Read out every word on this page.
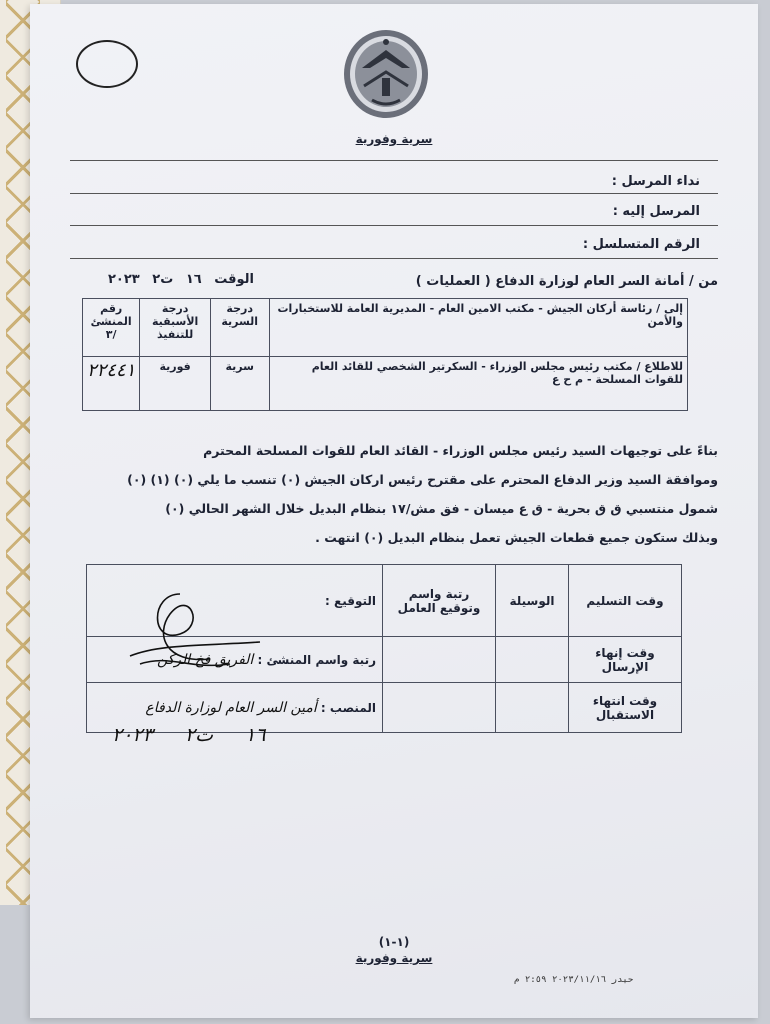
سرية وفورية
نداء المرسل :
المرسل إليه :
الرقم المتسلسل :
من / أمانة السر العام لوزارة الدفاع ( العمليات )
الوقت ١٦ ت٢ ٢٠٢٣
إلى / رئاسة أركان الجيش - مكتب الامين العام - المديرية العامة للاستخبارات والأمن	درجة السرية	درجة الأسبقية للتنفيذ	رقم المنشئ /٣
للاطلاع / مكتب رئيس مجلس الوزراء - السكرتير الشخصي للقائد العام للقوات المسلحة - م ح ع	سرية	فورية	٢٢٤٤١

بناءً على توجيهات السيد رئيس مجلس الوزراء - القائد العام للقوات المسلحة المحترم

وموافقة السيد وزير الدفاع المحترم على مقترح رئيس اركان الجيش (٠) تنسب ما يلي (٠) (١) (٠)

شمول منتسبي ق ق بحرية - ق ع ميسان - فق مش/١٧ بنظام البديل خلال الشهر الحالي (٠)

وبذلك ستكون جميع قطعات الجيش تعمل بنظام البديل (٠) انتهت .

وقت التسليم	الوسيلة	رتبة واسم وتوقيع العامل	التوقيع :
وقت إنهاء الإرسال			رتبة واسم المنشئ : الفريق فخ الركن
وقت انتهاء الاستقبال			المنصب : أمين السر العام لوزارة الدفاع
١٦ ت٢ ٢٠٢٣
(١-١)
سرية وفورية
حيدر ٢٠٢٣/١١/١٦ ٢:٥٩ م
